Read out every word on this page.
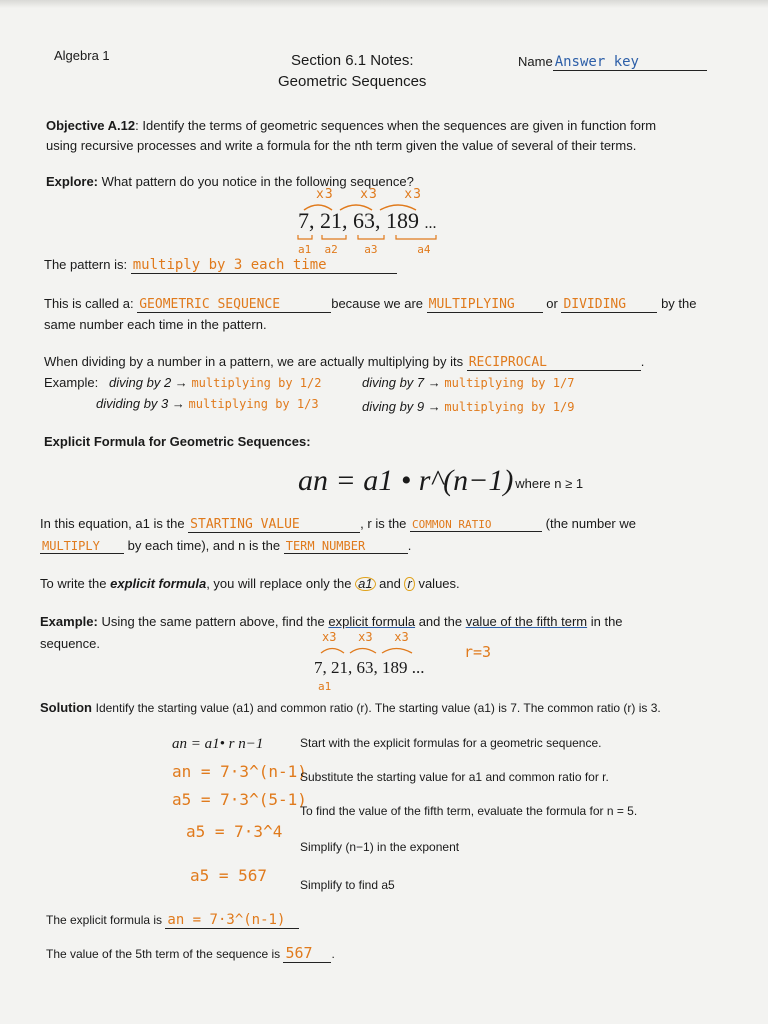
Algebra 1	Section 6.1 Notes:
Geometric Sequences
Name Answer key
Objective A.12: Identify the terms of geometric sequences when the sequences are given in function form
using recursive processes and write a formula for the nth term given the value of several of their terms.
Explore: What pattern do you notice in the following sequence?
x3 x3 x3
7, 21, 63, 189 ...
a1 a2 a3	a4
The pattern is: multiply by 3 each time
This is called a: GEOMETRIC SEQUENCE	because we are MULTIPLYING or DIVIDING	by the
same number each time in the pattern.
When dividing by a number in a pattern, we are actually multiplying by its RECIPROCAL	.
Example: diving by 2 → multiplying by 1/2	diving by 7 → multiplying by 1/7
dividing by 3 → multiplying by 1/3	diving by 9 → multiplying by 1/9
Explicit Formula for Geometric Sequences:
an = a1 • r^(n−1)
, where n ≥ 1
In this equation, a1 is the STARTING VALUE	, r is the COMMON RATIO	(the number we
MULTIPLY by each time), and n is the TERM NUMBER	.
To write the explicit formula, you will replace only the a1 and r values.
Example: Using the same pattern above, find the explicit formula and the value of the fifth term in the
sequence.	x3 x3 x3
r=3
7, 21, 63, 189 ...
a1
Solution Identify the starting value (a1) and common ratio (r). The starting value (a1) is 7. The common ratio (r) is 3.
an = a1• r n−1	Start with the explicit formulas for a geometric sequence.
an = 7·3^(n-1)
Substitute the starting value for a1 and common ratio for r.
a5 = 7·3^(5-1)
To find the value of the fifth term, evaluate the formula for n = 5.
a5 = 7·3^4
Simplify (n−1) in the exponent
a5 = 567	Simplify to find a5
The explicit formula is an = 7·3^(n-1)
The value of the 5th term of the sequence is 567 .
